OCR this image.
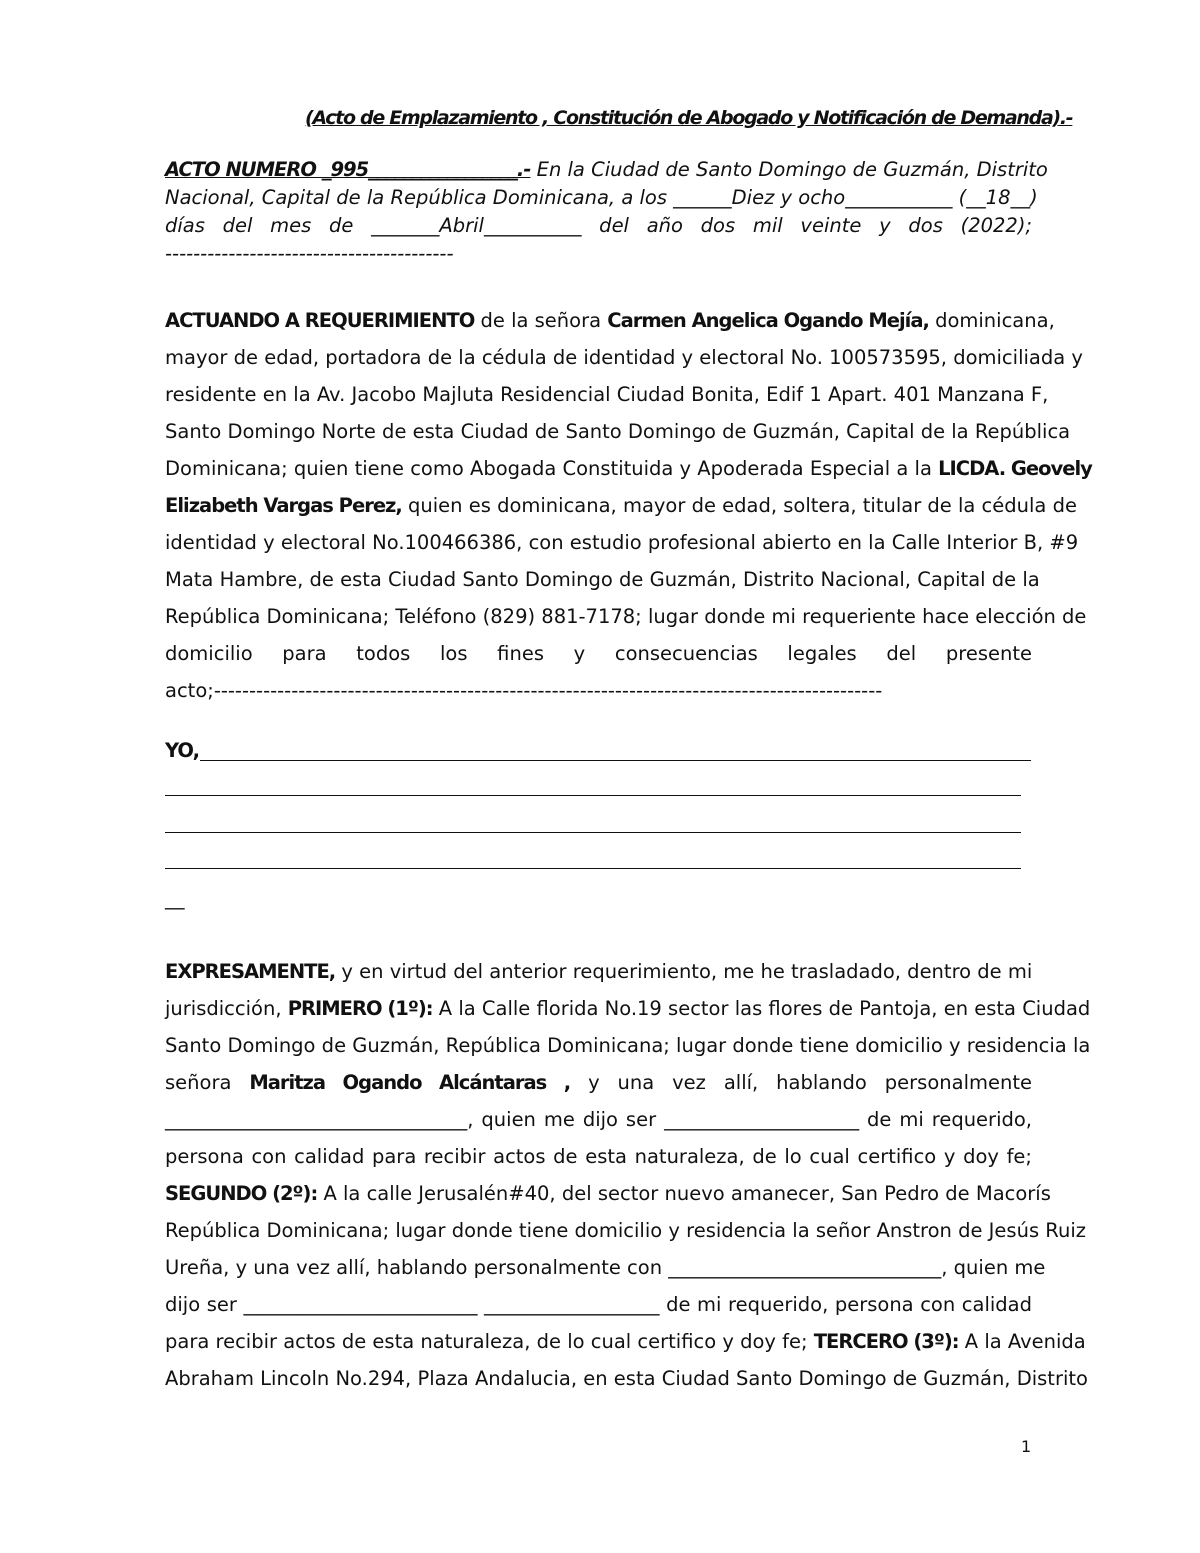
(Acto de Emplazamiento , Constitución de Abogado y Notificación de Demanda).-
ACTO NUMERO _995_________________.- En la Ciudad de Santo Domingo de Guzmán, Distrito
Nacional, Capital de la República Dominicana, a los ______Diez y ocho___________ (__18__)
días del mes de _______Abril__________ del año dos mil veinte y dos (2022);
-----------------------------------------
ACTUANDO A REQUERIMIENTO de la señora Carmen Angelica Ogando Mejía, dominicana,
mayor de edad, portadora de la cédula de identidad y electoral No. 100573595, domiciliada y
residente en la Av. Jacobo Majluta Residencial Ciudad Bonita, Edif 1 Apart. 401 Manzana F,
Santo Domingo Norte de esta Ciudad de Santo Domingo de Guzmán, Capital de la República
Dominicana; quien tiene como Abogada Constituida y Apoderada Especial a la LICDA. Geovely
Elizabeth Vargas Perez, quien es dominicana, mayor de edad, soltera, titular de la cédula de
identidad y electoral No.100466386, con estudio profesional abierto en la Calle Interior B, #9
Mata Hambre, de esta Ciudad Santo Domingo de Guzmán, Distrito Nacional, Capital de la
República Dominicana; Teléfono (829) 881-7178; lugar donde mi requeriente hace elección de
domicilio para todos los fines y consecuencias legales del presente
acto;-----------------------------------------------------------------------------------------------
YO,
__
EXPRESAMENTE, y en virtud del anterior requerimiento, me he trasladado, dentro de mi
jurisdicción, PRIMERO (1º): A la Calle florida No.19 sector las flores de Pantoja, en esta Ciudad
Santo Domingo de Guzmán, República Dominicana; lugar donde tiene domicilio y residencia la
señora Maritza Ogando Alcántaras , y una vez allí, hablando personalmente
_______________________________, quien me dijo ser ____________________ de mi requerido,
persona con calidad para recibir actos de esta naturaleza, de lo cual certifico y doy fe;
SEGUNDO (2º): A la calle Jerusalén#40, del sector nuevo amanecer, San Pedro de Macorís
República Dominicana; lugar donde tiene domicilio y residencia la señor Anstron de Jesús Ruiz
Ureña, y una vez allí, hablando personalmente con ____________________________, quien me
dijo ser ________________________ __________________ de mi requerido, persona con calidad
para recibir actos de esta naturaleza, de lo cual certifico y doy fe; TERCERO (3º): A la Avenida
Abraham Lincoln No.294, Plaza Andalucia, en esta Ciudad Santo Domingo de Guzmán, Distrito
1
